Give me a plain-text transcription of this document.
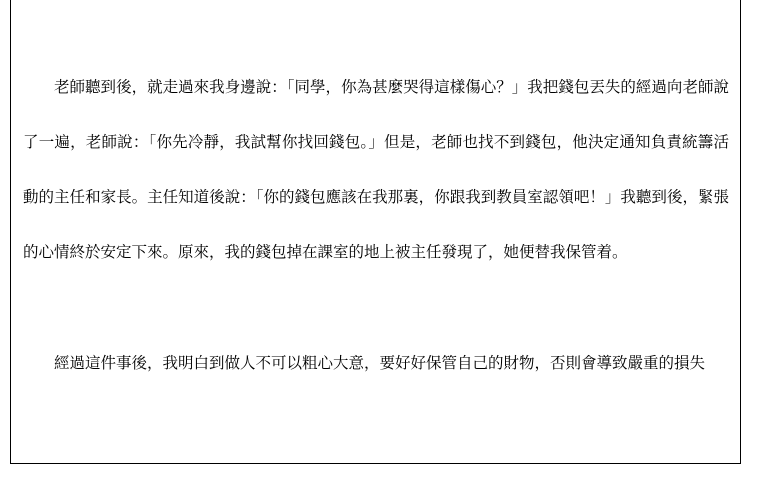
老師聽到後，就走過來我身邊說：「同學，你為甚麼哭得這樣傷心？」我把錢包丟失的經過向老師說了一遍，老師說：「你先冷靜，我試幫你找回錢包。」但是，老師也找不到錢包，他決定通知負責統籌活動的主任和家長。主任知道後說：「你的錢包應該在我那裏，你跟我到教員室認領吧！」我聽到後，緊張的心情終於安定下來。原來，我的錢包掉在課室的地上被主任發現了，她便替我保管着。

經過這件事後，我明白到做人不可以粗心大意，要好好保管自己的財物，否則會導致嚴重的損失
